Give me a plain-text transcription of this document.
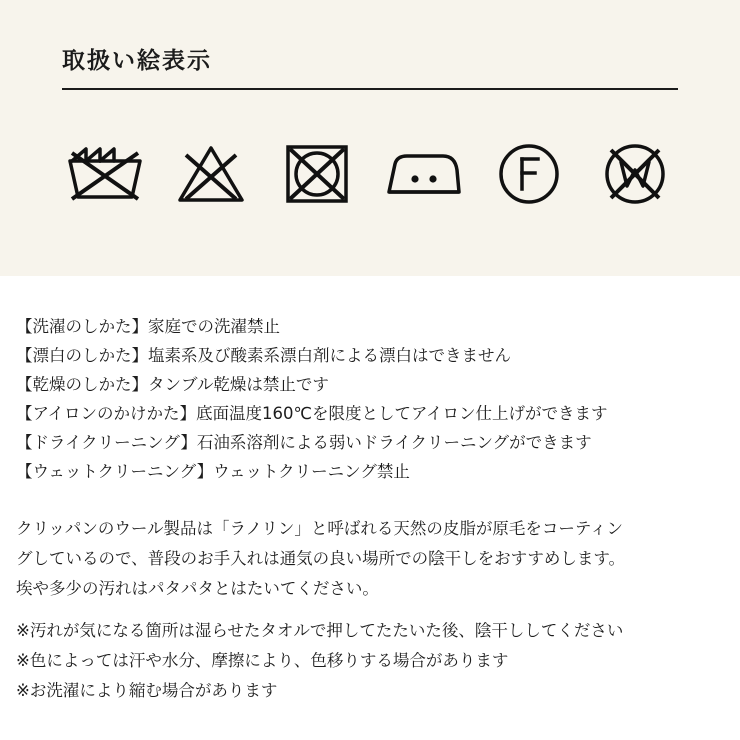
取扱い絵表示
【洗濯のしかた】家庭での洗濯禁止
【漂白のしかた】塩素系及び酸素系漂白剤による漂白はできません
【乾燥のしかた】タンブル乾燥は禁止です
【アイロンのかけかた】底面温度160℃を限度としてアイロン仕上げができます
【ドライクリーニング】石油系溶剤による弱いドライクリーニングができます
【ウェットクリーニング】ウェットクリーニング禁止
クリッパンのウール製品は「ラノリン」と呼ばれる天然の皮脂が原毛をコーティン
グしているので、普段のお手入れは通気の良い場所での陰干しをおすすめします。
埃や多少の汚れはパタパタとはたいてください。
※汚れが気になる箇所は湿らせたタオルで押してたたいた後、陰干ししてください
※色によっては汗や水分、摩擦により、色移りする場合があります
※お洗濯により縮む場合があります
